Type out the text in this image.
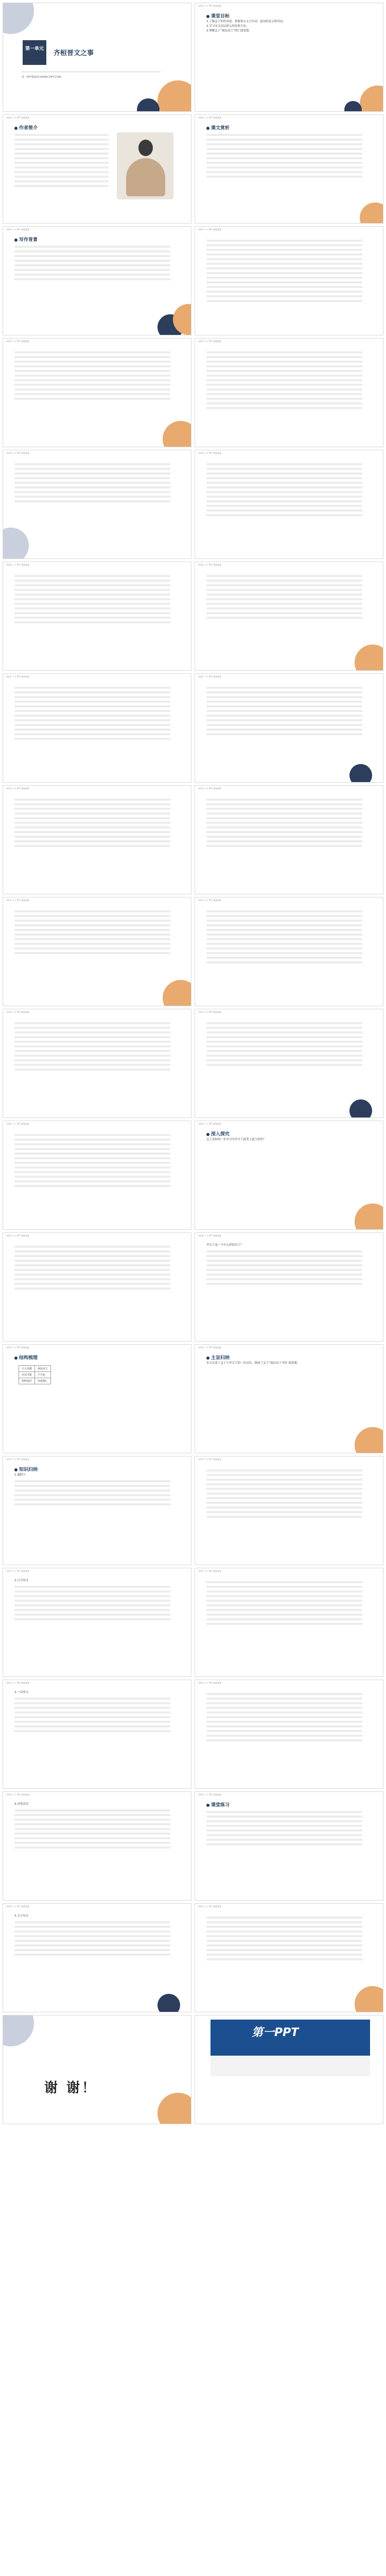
第一单元
齐桓晋文之事
第一PPT模板网-WWW.1PPT.COM
2019 卡卡 PPT 模板模板
课堂目标
1.了解孟子的性善说，掌握重点文言实词、虚词的意义和用法；
2.学习本文层层深入的论辩方法；
3.理解孟子“保民而王”的仁政思想。
2019 卡卡 PPT 模板模板
作者简介
2019 卡卡 PPT 模板模板
课文赏析
2019 卡卡 PPT 模板模板
写作背景
2019 卡卡 PPT 模板模板
2019 卡卡 PPT 模板模板	2019 卡卡 PPT 模板模板
2019 卡卡 PPT 模板模板	2019 卡卡 PPT 模板模板
2019 卡卡 PPT 模板模板	2019 卡卡 PPT 模板模板
2019 卡卡 PPT 模板模板	2019 卡卡 PPT 模板模板
2019 卡卡 PPT 模板模板	2019 卡卡 PPT 模板模板
2019 卡卡 PPT 模板模板	2019 卡卡 PPT 模板模板
2019 卡卡 PPT 模板模板	2019 卡卡 PPT 模板模板
2019 卡卡 PPT 模板模板	2019 卡卡 PPT 模板模板
深入探究
孟子是如何一步步引导齐宣王接受王道主张的？
2019 卡卡 PPT 模板模板	2019 卡卡 PPT 模板模板
齐宣王是一个什么样的君主？
2019 卡卡 PPT 模板模板
结构梳理
引入话题	保民而王
论证可能	不为也
指明途径	发政施仁
2019 卡卡 PPT 模板模板
主旨归纳
本文记述了孟子与齐宣王的一次对话，阐述了孟子“保民而王”的仁政思想。
2019 卡卡 PPT 模板模板
知识归纳
1.通假字
2019 卡卡 PPT 模板模板
2019 卡卡 PPT 模板模板
2.古今异义
2019 卡卡 PPT 模板模板
2019 卡卡 PPT 模板模板
3.一词多义
2019 卡卡 PPT 模板模板
2019 卡卡 PPT 模板模板
4.词类活用
2019 卡卡 PPT 模板模板
课堂练习
2019 卡卡 PPT 模板模板
5.文言句式
2019 卡卡 PPT 模板模板
谢 谢！
第一PPT
